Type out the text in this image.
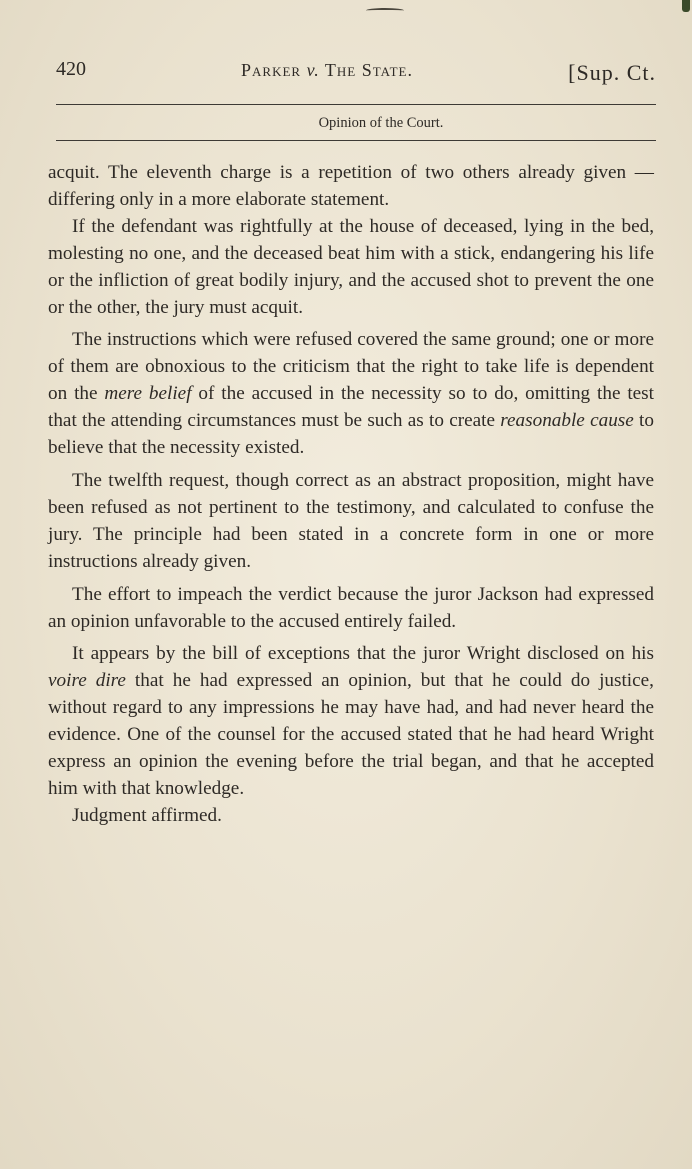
420	Parker v. The State.	[Sup. Ct.
Opinion of the Court.

acquit. The eleventh charge is a repetition of two others already given — differing only in a more elaborate statement.

If the defendant was rightfully at the house of deceased, lying in the bed, molesting no one, and the deceased beat him with a stick, endangering his life or the infliction of great bodily injury, and the accused shot to prevent the one or the other, the jury must acquit.

The instructions which were refused covered the same ground; one or more of them are obnoxious to the criticism that the right to take life is dependent on the mere belief of the accused in the necessity so to do, omitting the test that the attending circumstances must be such as to create reasonable cause to believe that the necessity existed.

The twelfth request, though correct as an abstract proposition, might have been refused as not pertinent to the testimony, and calculated to confuse the jury. The principle had been stated in a concrete form in one or more instructions already given.

The effort to impeach the verdict because the juror Jackson had expressed an opinion unfavorable to the accused entirely failed.

It appears by the bill of exceptions that the juror Wright disclosed on his voire dire that he had expressed an opinion, but that he could do justice, without regard to any impressions he may have had, and had never heard the evidence. One of the counsel for the accused stated that he had heard Wright express an opinion the evening before the trial began, and that he accepted him with that knowledge.

Judgment affirmed.
